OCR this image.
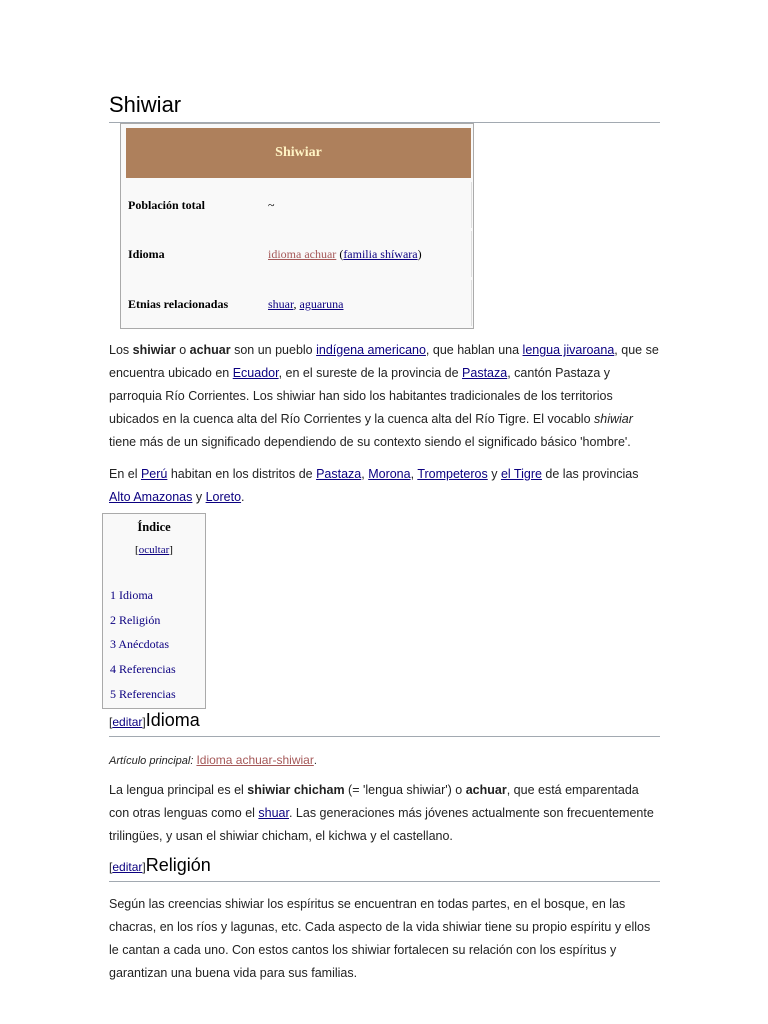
Shiwiar
Shiwiar
Población total	~
Idioma	idioma achuar (familia shíwara)
Etnias relacionadas	shuar, aguaruna

Los shiwiar o achuar son un pueblo indígena americano, que hablan una lengua jivaroana, que se encuentra ubicado en Ecuador, en el sureste de la provincia de Pastaza, cantón Pastaza y parroquia Río Corrientes. Los shiwiar han sido los habitantes tradicionales de los territorios ubicados en la cuenca alta del Río Corrientes y la cuenca alta del Río Tigre. El vocablo shiwiar tiene más de un significado dependiendo de su contexto siendo el significado básico 'hombre'.

En el Perú habitan en los distritos de Pastaza, Morona, Trompeteros y el Tigre de las provincias Alto Amazonas y Loreto.

Índice
[ocultar]
1 Idioma
2 Religión
3 Anécdotas
4 Referencias
5 Referencias
[editar]Idioma

Artículo principal: Idioma achuar-shiwiar.

La lengua principal es el shiwiar chicham (= 'lengua shiwiar') o achuar, que está emparentada con otras lenguas como el shuar. Las generaciones más jóvenes actualmente son frecuentemente trilingües, y usan el shiwiar chicham, el kichwa y el castellano.

[editar]Religión

Según las creencias shiwiar los espíritus se encuentran en todas partes, en el bosque, en las chacras, en los ríos y lagunas, etc. Cada aspecto de la vida shiwiar tiene su propio espíritu y ellos le cantan a cada uno. Con estos cantos los shiwiar fortalecen su relación con los espíritus y garantizan una buena vida para sus familias.
